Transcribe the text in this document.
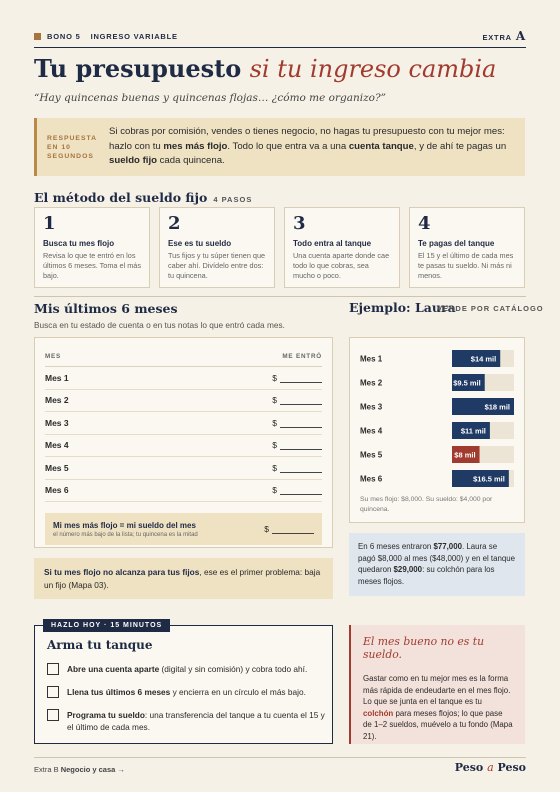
BONO 5 INGRESO VARIABLE	EXTRA A
Tu presupuesto si tu ingreso cambia
“Hay quincenas buenas y quincenas flojas… ¿cómo me organizo?”
RESPUESTA EN 10 SEGUNDOS
Si cobras por comisión, vendes o tienes negocio, no hagas tu presupuesto con tu mejor mes: hazlo con tu mes más flojo. Todo lo que entra va a una cuenta tanque, y de ahí te pagas un sueldo fijo cada quincena.
El método del sueldo fijo 4 PASOS
1
Busca tu mes flojo
Revisa lo que te entró en los últimos 6 meses. Toma el más bajo.
2
Ese es tu sueldo
Tus fijos y tu súper tienen que caber ahí. Divídelo entre dos: tu quincena.
3
Todo entra al tanque
Una cuenta aparte donde cae todo lo que cobras, sea mucho o poco.
4
Te pagas del tanque
El 15 y el último de cada mes te pasas tu sueldo. Ni más ni menos.
Mis últimos 6 meses
Busca en tu estado de cuenta o en tus notas lo que entró cada mes.
MES	ME ENTRÓ
Mes 1	$
Mes 2	$
Mes 3	$
Mes 4	$
Mes 5	$
Mes 6	$
Mi mes más flojo = mi sueldo del mes
el número más bajo de la lista; tu quincena es la mitad
$
Si tu mes flojo no alcanza para tus fijos, ese es el primer problema: baja un fijo (Mapa 03).
Ejemplo: Laura
VENDE POR CATÁLOGO
Mes 1	$14 mil
Mes 2	$9.5 mil
Mes 3	$18 mil
Mes 4	$11 mil
Mes 5	$8 mil
Mes 6	$16.5 mil
Su mes flojo: $8,000. Su sueldo: $4,000 por quincena.
En 6 meses entraron $77,000. Laura se pagó $8,000 al mes ($48,000) y en el tanque quedaron $29,000: su colchón para los meses flojos.
HAZLO HOY · 15 MINUTOS
Arma tu tanque
Abre una cuenta aparte (digital y sin comisión) y cobra todo ahí.
Llena tus últimos 6 meses y encierra en un círculo el más bajo.
Programa tu sueldo: una transferencia del tanque a tu cuenta el 15 y el último de cada mes.
El mes bueno no es tu sueldo.
Gastar como en tu mejor mes es la forma más rápida de endeudarte en el mes flojo. Lo que se junta en el tanque es tu colchón para meses flojos; lo que pase de 1–2 sueldos, muévelo a tu fondo (Mapa 21).
Extra B Negocio y casa →	Peso a Peso
